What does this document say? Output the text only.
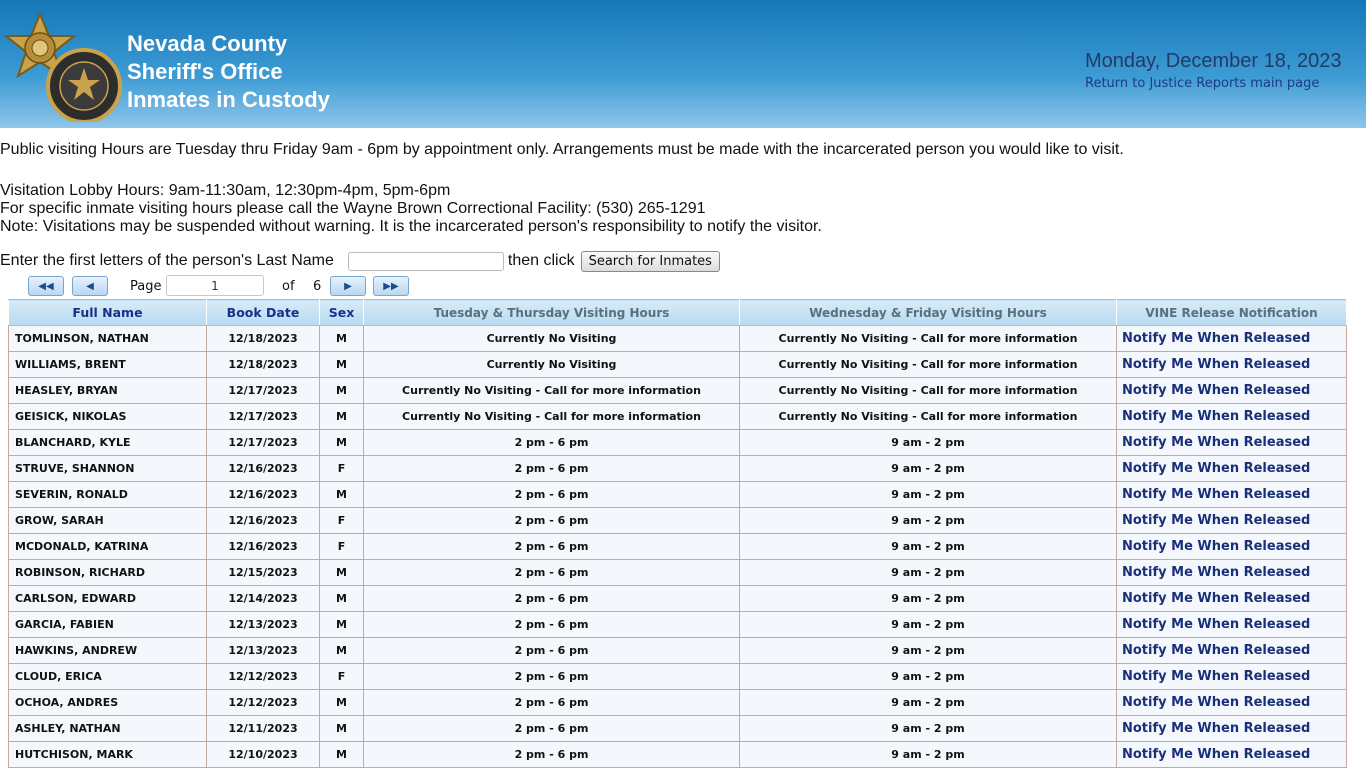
Nevada County
Sheriff's Office
Inmates in Custody
Monday, December 18, 2023
Return to Justice Reports main page
Public visiting Hours are Tuesday thru Friday 9am - 6pm by appointment only. Arrangements must be made with the incarcerated person you would like to visit.
Visitation Lobby Hours: 9am-11:30am, 12:30pm-4pm, 5pm-6pm
For specific inmate visiting hours please call the Wayne Brown Correctional Facility: (530) 265-1291
Note: Visitations may be suspended without warning. It is the incarcerated person's responsibility to notify the visitor.
Enter the first letters of the person's Last Name	then click	Search for Inmates
◀◀	◀	Page	1	of 6 ▶	▶▶
Full Name	Book Date	Sex	Tuesday & Thursday Visiting Hours	Wednesday & Friday Visiting Hours	VINE Release Notification
TOMLINSON, NATHAN	12/18/2023	M	Currently No Visiting	Currently No Visiting - Call for more information	Notify Me When Released
WILLIAMS, BRENT	12/18/2023	M	Currently No Visiting	Currently No Visiting - Call for more information	Notify Me When Released
HEASLEY, BRYAN	12/17/2023	M	Currently No Visiting - Call for more information	Currently No Visiting - Call for more information	Notify Me When Released
GEISICK, NIKOLAS	12/17/2023	M	Currently No Visiting - Call for more information	Currently No Visiting - Call for more information	Notify Me When Released
BLANCHARD, KYLE	12/17/2023	M	2 pm - 6 pm	9 am - 2 pm	Notify Me When Released
STRUVE, SHANNON	12/16/2023	F	2 pm - 6 pm	9 am - 2 pm	Notify Me When Released
SEVERIN, RONALD	12/16/2023	M	2 pm - 6 pm	9 am - 2 pm	Notify Me When Released
GROW, SARAH	12/16/2023	F	2 pm - 6 pm	9 am - 2 pm	Notify Me When Released
MCDONALD, KATRINA	12/16/2023	F	2 pm - 6 pm	9 am - 2 pm	Notify Me When Released
ROBINSON, RICHARD	12/15/2023	M	2 pm - 6 pm	9 am - 2 pm	Notify Me When Released
CARLSON, EDWARD	12/14/2023	M	2 pm - 6 pm	9 am - 2 pm	Notify Me When Released
GARCIA, FABIEN	12/13/2023	M	2 pm - 6 pm	9 am - 2 pm	Notify Me When Released
HAWKINS, ANDREW	12/13/2023	M	2 pm - 6 pm	9 am - 2 pm	Notify Me When Released
CLOUD, ERICA	12/12/2023	F	2 pm - 6 pm	9 am - 2 pm	Notify Me When Released
OCHOA, ANDRES	12/12/2023	M	2 pm - 6 pm	9 am - 2 pm	Notify Me When Released
ASHLEY, NATHAN	12/11/2023	M	2 pm - 6 pm	9 am - 2 pm	Notify Me When Released
HUTCHISON, MARK	12/10/2023	M	2 pm - 6 pm	9 am - 2 pm	Notify Me When Released
